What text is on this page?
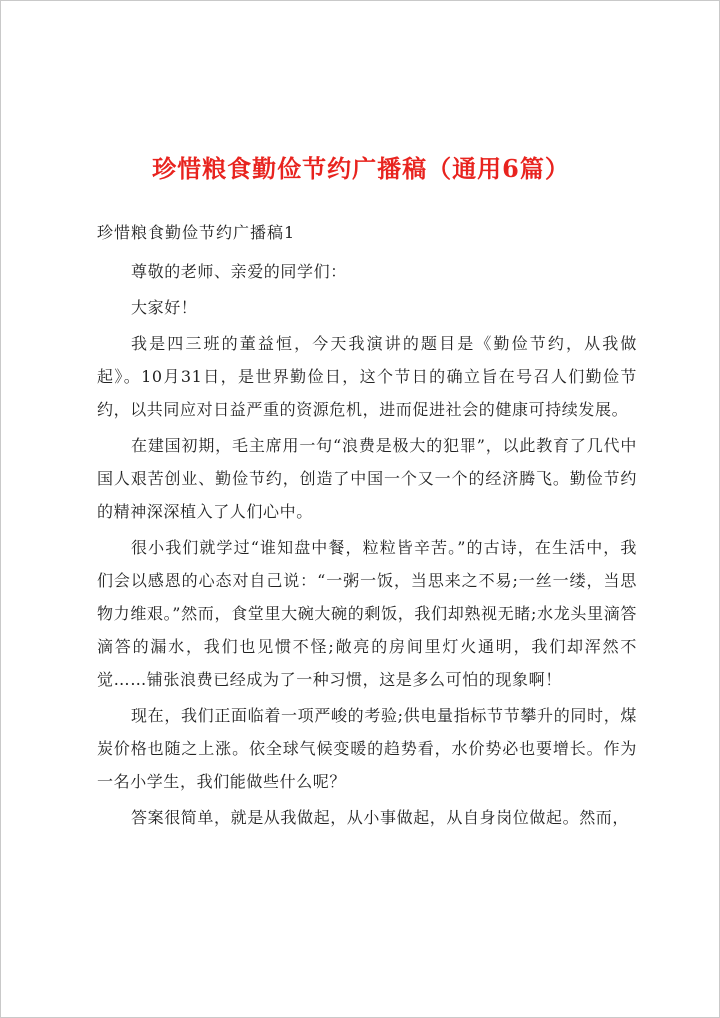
珍惜粮食勤俭节约广播稿（通用6篇）
珍惜粮食勤俭节约广播稿1

尊敬的老师、亲爱的同学们：

大家好！

我是四三班的董益恒，今天我演讲的题目是《勤俭节约，从我做起》。10月31日，是世界勤俭日，这个节日的确立旨在号召人们勤俭节约，以共同应对日益严重的资源危机，进而促进社会的健康可持续发展。

在建国初期，毛主席用一句“浪费是极大的犯罪”，以此教育了几代中国人艰苦创业、勤俭节约，创造了中国一个又一个的经济腾飞。勤俭节约的精神深深植入了人们心中。

很小我们就学过“谁知盘中餐，粒粒皆辛苦。”的古诗，在生活中，我们会以感恩的心态对自己说：“一粥一饭，当思来之不易;一丝一缕，当思物力维艰。”然而，食堂里大碗大碗的剩饭，我们却熟视无睹;水龙头里滴答滴答的漏水，我们也见惯不怪;敞亮的房间里灯火通明，我们却浑然不觉……铺张浪费已经成为了一种习惯，这是多么可怕的现象啊！

现在，我们正面临着一项严峻的考验;供电量指标节节攀升的同时，煤炭价格也随之上涨。依全球气候变暖的趋势看，水价势必也要增长。作为一名小学生，我们能做些什么呢？

答案很简单，就是从我做起，从小事做起，从自身岗位做起。然而，
